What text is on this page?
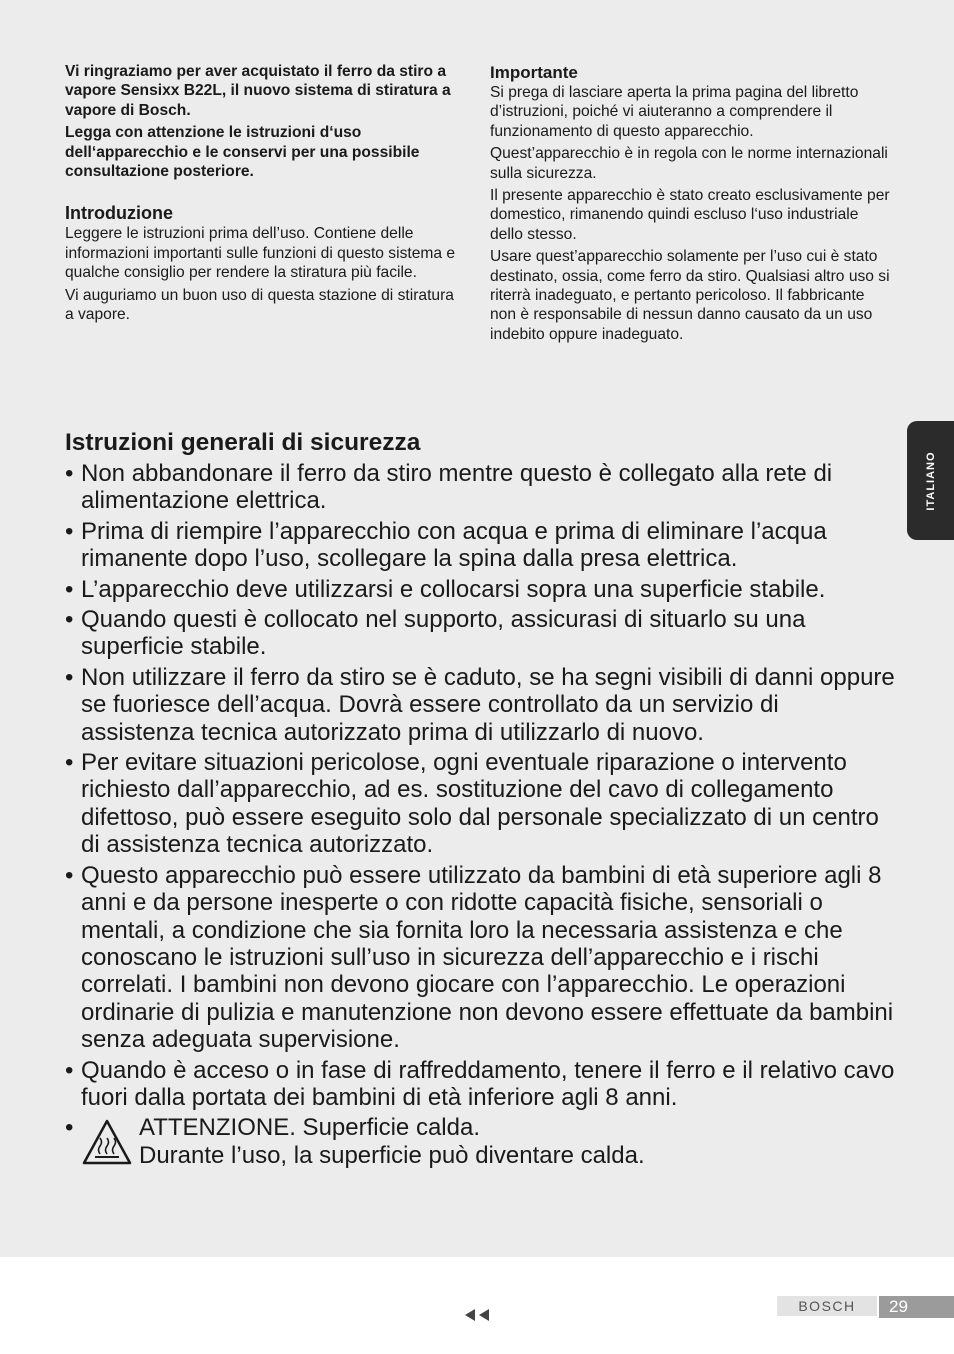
Vi ringraziamo per aver acquistato il ferro da stiro a vapore Sensixx B22L, il nuovo sistema di stiratura a vapore di Bosch.

Legga con attenzione le istruzioni d‘uso dell‘apparecchio e le conservi per una possibile consultazione posteriore.

Introduzione

Leggere le istruzioni prima dell’uso. Contiene delle informazioni importanti sulle funzioni di questo sistema e qualche consiglio per rendere la stiratura più facile.

Vi auguriamo un buon uso di questa stazione di stiratura a vapore.

Importante

Si prega di lasciare aperta la prima pagina del libretto d’istruzioni, poiché vi aiuteranno a comprendere il funzionamento di questo apparecchio.

Quest’apparecchio è in regola con le norme internazionali sulla sicurezza.

Il presente apparecchio è stato creato esclusivamente per domestico, rimanendo quindi escluso l‘uso industriale dello stesso.

Usare quest’apparecchio solamente per l’uso cui è stato destinato, ossia, come ferro da stiro. Qualsiasi altro uso si riterrà inadeguato, e pertanto pericoloso. Il fabbricante non è responsabile di nessun danno causato da un uso indebito oppure inadeguato.

Istruzioni generali di sicurezza

• Non abbandonare il ferro da stiro mentre questo è collegato alla rete di alimentazione elettrica.
• Prima di riempire l’apparecchio con acqua e prima di eliminare l’acqua rimanente dopo l’uso, scollegare la spina dalla presa elettrica.
• L’apparecchio deve utilizzarsi e collocarsi sopra una superficie stabile.
• Quando questi è collocato nel supporto, assicurasi di situarlo su una superficie stabile.
• Non utilizzare il ferro da stiro se è caduto, se ha segni visibili di danni oppure se fuoriesce dell’acqua. Dovrà essere controllato da un servizio di assistenza tecnica autorizzato prima di utilizzarlo di nuovo.
• Per evitare situazioni pericolose, ogni eventuale riparazione o intervento richiesto dall’apparecchio, ad es. sostituzione del cavo di collegamento difettoso, può essere eseguito solo dal personale specializzato di un centro di assistenza tecnica autorizzato.
• Questo apparecchio può essere utilizzato da bambini di età superiore agli 8 anni e da persone inesperte o con ridotte capacità fisiche, sensoriali o mentali, a condizione che sia fornita loro la necessaria assistenza e che conoscano le istruzioni sull’uso in sicurezza dell’apparecchio e i rischi correlati. I bambini non devono giocare con l’apparecchio. Le operazioni ordinarie di pulizia e manutenzione non devono essere effettuate da bambini senza adeguata supervisione.
• Quando è acceso o in fase di raffreddamento, tenere il ferro e il relativo cavo fuori dalla portata dei bambini di età inferiore agli 8 anni.
•	ATTENZIONE. Superficie calda.
Durante l’uso, la superficie può diventare calda.
ITALIANO
BOSCH	29
